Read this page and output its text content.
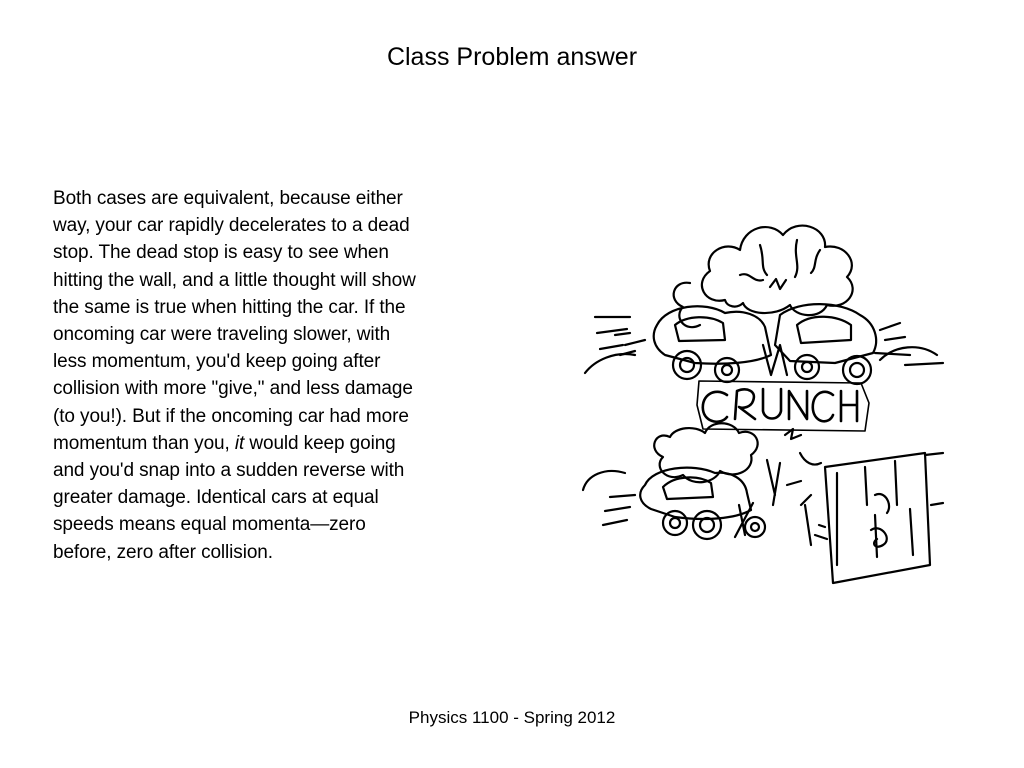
Class Problem answer
Both cases are equivalent, because either
way, your car rapidly decelerates to a dead
stop. The dead stop is easy to see when
hitting the wall, and a little thought will show
the same is true when hitting the car. If the
oncoming car were traveling slower, with
less momentum, you'd keep going after
collision with more "give," and less damage
(to you!). But if the oncoming car had more
momentum than you, it would keep going
and you'd snap into a sudden reverse with
greater damage. Identical cars at equal
speeds means equal momenta—zero
before, zero after collision.
Physics 1100 - Spring 2012
